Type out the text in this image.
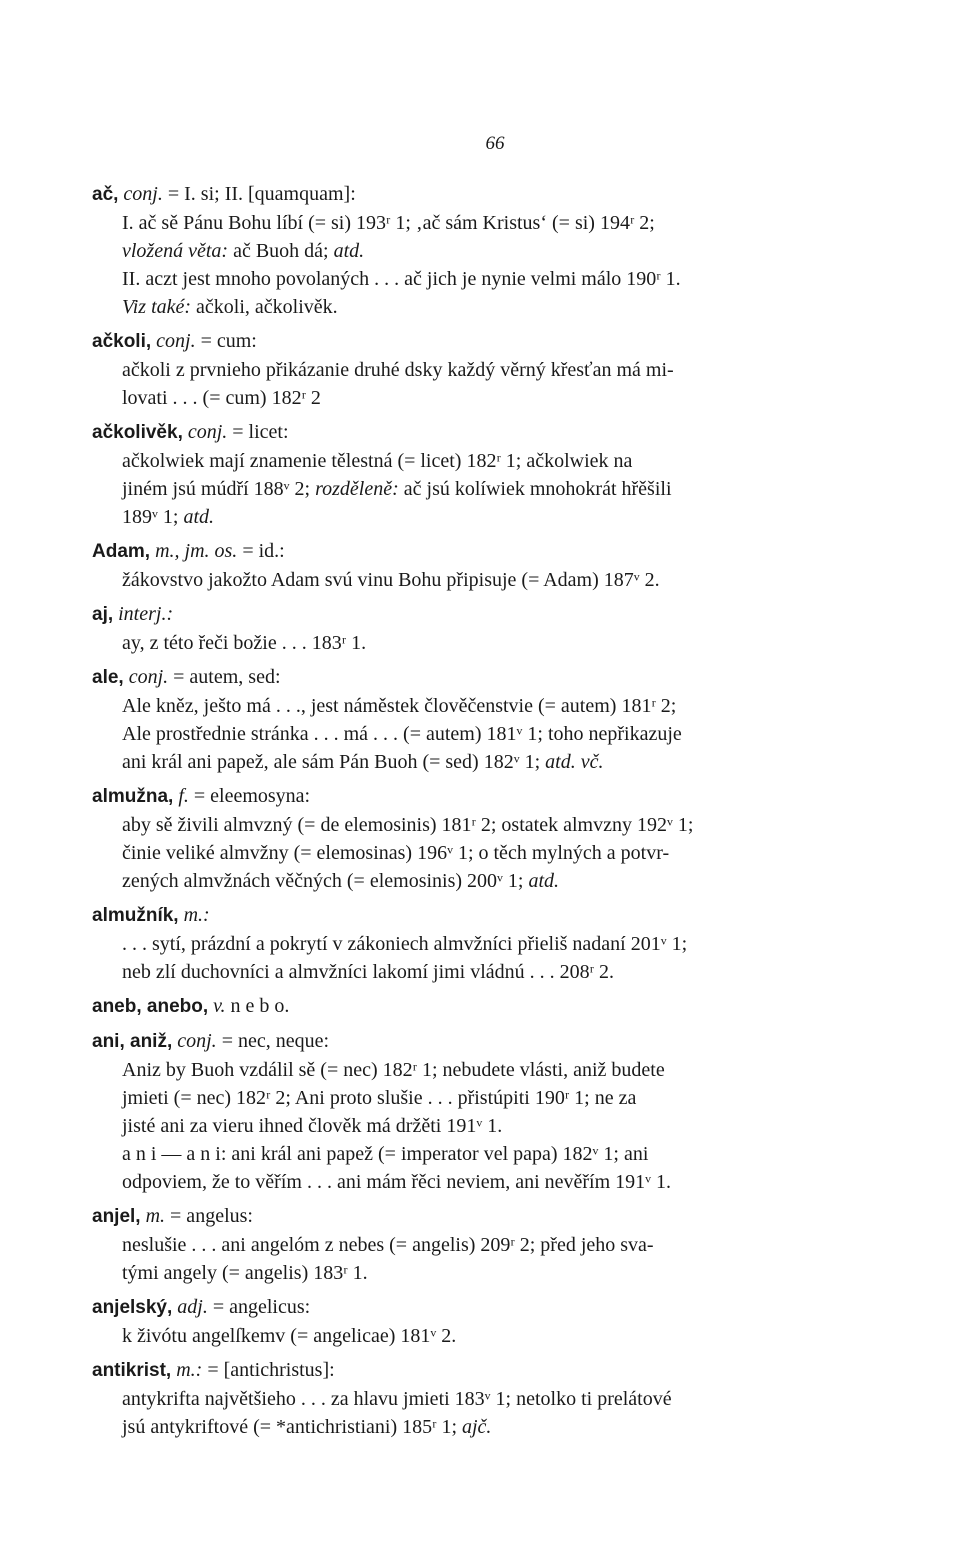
66
ač, conj. = I. si; II. [quamquam]:
I. ač sě Pánu Bohu líbí (= si) 193ʳ 1; ‚ač sám Kristus‘ (= si) 194ʳ 2;
vložená věta: ač Buoh dá; atd.
II. aczt jest mnoho povolaných . . . ač jich je nynie velmi málo 190ʳ 1.
Viz také: ačkoli, ačkolivěk.
ačkoli, conj. = cum:
ačkoli z prvnieho přikázanie druhé dsky každý věrný křesťan má mi-
lovati . . . (= cum) 182ʳ 2
ačkolivěk, conj. = licet:
ačkolwiek mají znamenie tělestná (= licet) 182ʳ 1; ačkolwiek na
jiném jsú múdří 188ᵛ 2; rozděleně: ač jsú kolíwiek mnohokrát hřěšili
189ᵛ 1; atd.
Adam, m., jm. os. = id.:
žákovstvo jakožto Adam svú vinu Bohu připisuje (= Adam) 187ᵛ 2.
aj, interj.:
ay, z této řeči božie . . . 183ʳ 1.
ale, conj. = autem, sed:
Ale kněz, ješto má . . ., jest náměstek člověčenstvie (= autem) 181ʳ 2;
Ale prostřednie stránka . . . má . . . (= autem) 181ᵛ 1; toho nepřikazuje
ani král ani papež, ale sám Pán Buoh (= sed) 182ᵛ 1; atd. vč.
almužna, f. = eleemosyna:
aby sě živili almvzný (= de elemosinis) 181ʳ 2; ostatek almvzny 192ᵛ 1;
činie veliké almvžny (= elemosinas) 196ᵛ 1; o těch mylných a potvr-
zených almvžnách věčných (= elemosinis) 200ᵛ 1; atd.
almužník, m.:
. . . sytí, prázdní a pokrytí v zákoniech almvžníci přieliš nadaní 201ᵛ 1;
neb zlí duchovníci a almvžníci lakomí jimi vládnú . . . 208ʳ 2.
aneb, anebo, v. n e b o.
ani, aniž, conj. = nec, neque:
Aniz by Buoh vzdálil sě (= nec) 182ʳ 1; nebudete vlásti, aniž budete
jmieti (= nec) 182ʳ 2; Ani proto slušie . . . přistúpiti 190ʳ 1; ne za
jisté ani za vieru ihned člověk má držěti 191ᵛ 1.
a n i — a n i: ani král ani papež (= imperator vel papa) 182ᵛ 1; ani
odpoviem, že to věřím . . . ani mám řěci neviem, ani nevěřím 191ᵛ 1.
anjel, m. = angelus:
neslušie . . . ani angelóm z nebes (= angelis) 209ʳ 2; před jeho sva-
tými angely (= angelis) 183ʳ 1.
anjelský, adj. = angelicus:
k živótu angelſkemv (= angelicae) 181ᵛ 2.
antikrist, m.: = [antichristus]:
antykrifta najvětšieho . . . za hlavu jmieti 183ᵛ 1; netolko ti prelátové
jsú antykriftové (= *antichristiani) 185ʳ 1; ajč.
